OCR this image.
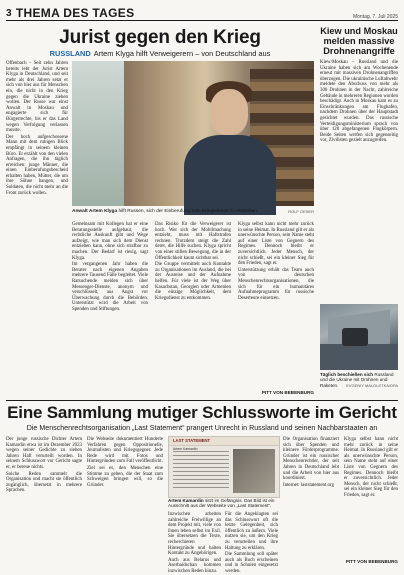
3 THEMA DES TAGES	Montag, 7. Juli 2025
Jurist gegen den Krieg
RUSSLAND Artem Klyga hilft Verweigerern – von Deutschland aus

Offenbach – Seit zehn Jahren bereits lebt der Jurist Artem Klyga in Deutschland, und seit mehr als drei Jahren setzt er sich von hier aus für Menschen ein, die nicht in den Krieg gegen die Ukraine ziehen wollen. Der Russe war einst Anwalt in Moskau und engagierte sich für Bürgerrechte, bis er das Land wegen Verfolgung verlassen musste.

Der hoch aufgeschossene Mann mit dem ruhigen Blick empfängt in seinem kleinen Büro. Er erzählt von den vielen Anfragen, die ihn täglich erreichen: junge Männer, die einen Einberufungsbescheid erhalten haben, Mütter, die um ihre Söhne bangen, und Soldaten, die nicht mehr an die Front zurück wollen.

Anwalt Artem Klyga hilft Russen, sich der Einberufung zum Kriegsdienst zu entziehen.	ROLF OESER

Gemeinsam mit Kollegen hat er eine Beratungsstelle aufgebaut, die rechtliche Auskunft gibt und Wege aufzeigt, wie man sich dem Dienst entziehen kann, ohne sich strafbar zu machen. Der Bedarf ist riesig, sagt Klyga.

Im vergangenen Jahr haben die Berater nach eigenen Angaben mehrere Tausend Fälle begleitet. Viele Ratsuchende melden sich über Messenger-Dienste, anonym und verschlüsselt, aus Angst vor Überwachung durch die Behörden. Unterstützt wird die Arbeit von Spenden und Stiftungen.

Das Risiko für die Verweigerer ist hoch. Wer sich der Mobilmachung entzieht, muss mit Haftstrafen rechnen. Trotzdem steigt die Zahl derer, die Hilfe suchen. Klyga spricht von einer stillen Bewegung, die in der Öffentlichkeit kaum sichtbar sei.

Die Gruppe vermittelt auch Kontakte zu Organisationen im Ausland, die bei der Ausreise und der Aufnahme helfen. Für viele ist der Weg über Kasachstan, Georgien oder Armenien die einzige Möglichkeit, dem Kriegsdienst zu entkommen.

Klyga selbst kann nicht mehr zurück in seine Heimat. In Russland gilt er als unerwünschte Person, sein Name steht auf einer Liste von Gegnern des Regimes. Dennoch bleibt er zuversichtlich. Jeder Mensch, der nicht schießt, sei ein kleiner Sieg für den Frieden, sagt er.

Unterstützung erhält das Team auch von deutschen Menschenrechtsorganisationen, die sich für ein humanitäres Aufnahmeprogramm für russische Deserteure einsetzen.

PITT VON BEBENBURG
Kiew und Moskau melden massive Drohnenangriffe

Kiew/Moskau – Russland und die Ukraine haben sich am Wochenende erneut mit massiven Drohnenangriffen überzogen. Die ukrainische Luftabwehr meldete den Abschuss von mehr als 300 Drohnen in der Nacht, zahlreiche Gebäude in mehreren Regionen wurden beschädigt. Auch in Moskau kam es zu Einschränkungen am Flughafen, nachdem Drohnen über der Hauptstadt gesichtet wurden. Das russische Verteidigungsministerium sprach von über 120 abgefangenen Flugkörpern. Beide Seiten werfen sich gegenseitig vor, Zivilisten gezielt anzugreifen.

Täglich beschießen sich Russland und die Ukraine mit Drohnen und Raketen. EVGENIY MALOLETKA/DPA
Eine Sammlung mutiger Schlussworte im Gericht
Die Menschenrechtsorganisation „Last Statement“ prangert Unrecht in Russland und seinen Nachbarstaaten an

Der junge russische Dichter Artem Kamardin etwa ist im Dezember 2023 wegen seiner Gedichte zu sieben Jahren Haft verurteilt worden. In seinem Schlusswort vor Gericht sagte er, er bereue nichts.

Solche Reden sammelt die Organisation und macht sie öffentlich zugänglich, übersetzt in mehrere Sprachen.

Die Webseite dokumentiert Hunderte Verfahren gegen Oppositionelle, Journalisten und Kriegsgegner. Jede Rede wird mit Fotos und Hintergründen zum Fall veröffentlicht.

Ziel sei es, den Menschen eine Stimme zu geben, die der Staat zum Schweigen bringen will, so die Gründer.

LAST STATEMENT
Artem Kamardin
Artem Kamardin sitzt im Gefängnis. Das Bild ist ein Ausschnitt aus der Webseite von „Last Statement“.

Inzwischen arbeiten zahlreiche Freiwillige an dem Projekt mit, viele von ihnen leben selbst im Exil. Sie übersetzen die Texte, recherchieren Hintergründe und halten Kontakt zu Angehörigen.

Auch aus Belarus und Aserbaidschan kommen inzwischen Reden hinzu.

Für die Angeklagten sei das Schlusswort oft die letzte Gelegenheit, sich öffentlich zu äußern. Viele nutzen sie, um den Krieg zu verurteilen und ihre Haltung zu erklären.

Die Sammlung soll später auch als Buch erscheinen und in Schulen eingesetzt werden.

Die Organisation finanziert sich über Spenden und kleinere Förderprogramme. Gründer ist ein russischer Menschenrechtler, der seit Jahren in Deutschland lebt und die Arbeit von hier aus koordiniert.

Internet: laststatement.org

Klyga selbst kann nicht mehr zurück in seine Heimat. In Russland gilt er als unerwünschte Person, sein Name steht auf einer Liste von Gegnern des Regimes. Dennoch bleibt er zuversichtlich. Jeder Mensch, der nicht schießt, sei ein kleiner Sieg für den Frieden, sagt er.

PITT VON BEBENBURG
